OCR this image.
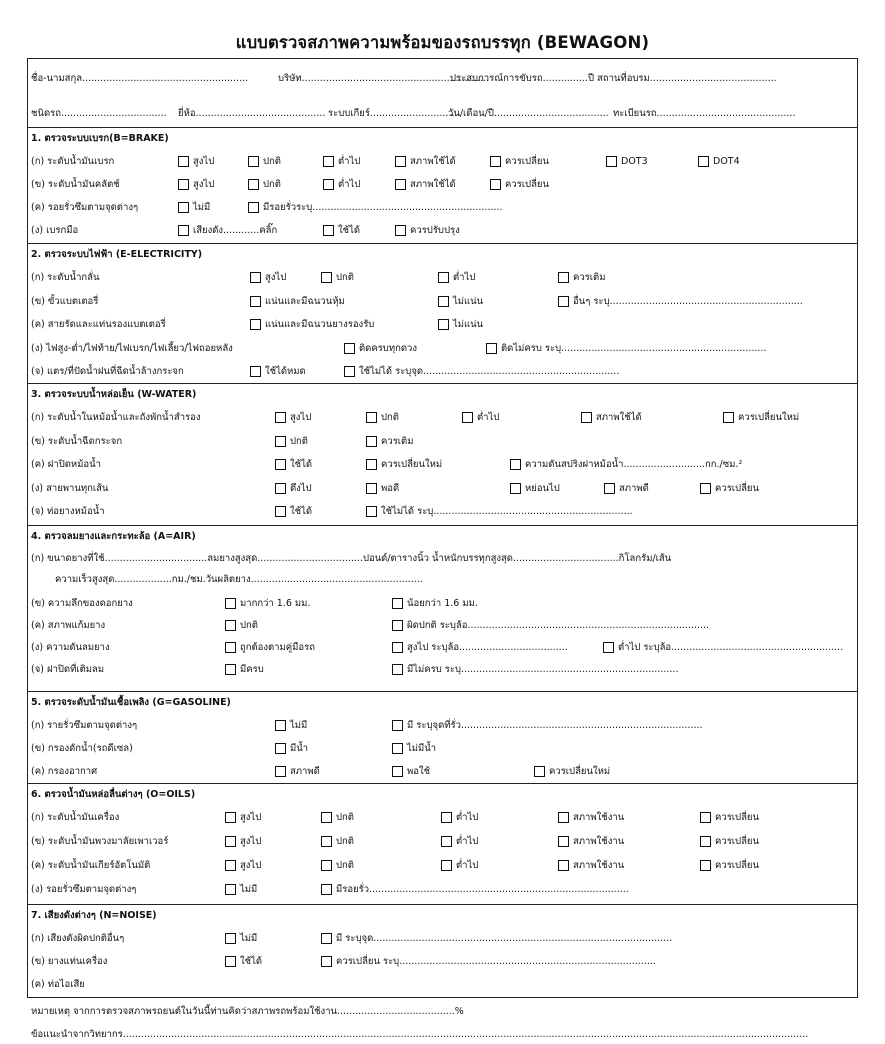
แบบตรวจสภาพความพร้อมของรถบรรทุก (BEWAGON)
ชื่อ-นามสกุล.......................................................	บริษัท..............................................................
ประสบการณ์การขับรถ............... ปี สถานที่อบรม..........................................
ชนิดรถ................................... ยี่ห้อ........................................... ระบบเกียร์..............................
วัน/เดือน/ปี...................................... ทะเบียนรถ..............................................
1. ตรวจระบบเบรก(B=BRAKE)
(ก) ระดับน้ำมันเบรก	สูงไป	ปกติ	ต่ำไป	สภาพใช้ได้	ควรเปลี่ยน	DOT3	DOT4
(ข) ระดับน้ำมันคลัตช์	สูงไป	ปกติ	ต่ำไป	สภาพใช้ได้	ควรเปลี่ยน
(ค) รอยรั่วซึมตามจุดต่างๆ	ไม่มี	มีรอยรั่วระบุ...............................................................
(ง) เบรกมือ	เสียงดัง............คลิ๊ก	ใช้ได้	ควรปรับปรุง
2. ตรวจระบบไฟฟ้า (E-ELECTRICITY)
(ก) ระดับน้ำกลั่น	สูงไป	ปกติ	ต่ำไป	ควรเติม
(ข) ขั้วแบตเตอรี่	แน่นและมีฉนวนหุ้ม	ไม่แน่น	อื่นๆ ระบุ................................................................
(ค) สายรัดและแท่นรองแบตเตอรี่	แน่นและมีฉนวนยางรองรับ	ไม่แน่น
(ง) ไฟสูง-ต่ำ/ไฟท้าย/ไฟเบรก/ไฟเลี้ยว/ไฟถอยหลัง	ติดครบทุกดวง	ติดไม่ครบ ระบุ....................................................................
(จ) แตร/ที่ปัดน้ำฝนที่ฉีดน้ำล้างกระจก	ใช้ได้หมด	ใช้ไม่ได้ ระบุจุด.................................................................
3. ตรวจระบบน้ำหล่อเย็น (W-WATER)
(ก) ระดับน้ำในหม้อน้ำและถังพักน้ำสำรอง	สูงไป	ปกติ	ต่ำไป	สภาพใช้ได้	ควรเปลี่ยนใหม่
(ข) ระดับน้ำฉีดกระจก	ปกติ	ควรเติม
(ค) ฝาปิดหม้อน้ำ	ใช้ได้	ควรเปลี่ยนใหม่	ความดันสปริงฝาหม้อน้ำ...........................กก./ซม.²
(ง) สายพานทุกเส้น	ตึงไป	พอดี	หย่อนไป	สภาพดี	ควรเปลี่ยน
(จ) ท่อยางหม้อน้ำ	ใช้ได้	ใช้ไม่ได้ ระบุ..................................................................
4. ตรวจลมยางและกระทะล้อ (A=AIR)
(ก) ขนาดยางที่ใช้..................................ลมยางสูงสุด...................................ปอนด์/ตารางนิ้ว น้ำหนักบรรทุกสูงสุด...................................กิโลกรัม/เส้น
ความเร็วสูงสุด...................กม./ชม.วันผลิตยาง.........................................................
(ข) ความลึกของดอกยาง	มากกว่า 1.6 มม.	น้อยกว่า 1.6 มม.
(ค) สภาพแก้มยาง	ปกติ	ผิดปกติ ระบุล้อ................................................................................
(ง) ความดันลมยาง	ถูกต้องตามคู่มือรถ	สูงไป ระบุล้อ....................................	ต่ำไป ระบุล้อ.........................................................
(จ) ฝาปิดที่เติมลม	มีครบ	มีไม่ครบ ระบุ........................................................................
5. ตรวจระดับน้ำมันเชื้อเพลิง (G=GASOLINE)
(ก) รายรั่วซึมตามจุดต่างๆ	ไม่มี	มี ระบุจุดที่รั่ว................................................................................
(ข) กรองดักน้ำ(รถดีเซล)	มีน้ำ	ไม่มีน้ำ
(ค) กรองอากาศ	สภาพดี	พอใช้	ควรเปลี่ยนใหม่
6. ตรวจน้ำมันหล่อลื่นต่างๆ (O=OILS)
(ก) ระดับน้ำมันเครื่อง	สูงไป	ปกติ	ต่ำไป	สภาพใช้งาน	ควรเปลี่ยน
(ข) ระดับน้ำมันพวงมาลัยเพาเวอร์	สูงไป	ปกติ	ต่ำไป	สภาพใช้งาน	ควรเปลี่ยน
(ค) ระดับน้ำมันเกียร์อัตโนมัติ	สูงไป	ปกติ	ต่ำไป	สภาพใช้งาน	ควรเปลี่ยน
(ง) รอยรั่วซึมตามจุดต่างๆ	ไม่มี	มีรอยรั่ว......................................................................................
7. เสียงดังต่างๆ (N=NOISE)
(ก) เสียงดังผิดปกติอื่นๆ	ไม่มี	มี ระบุจุด...................................................................................................
(ข) ยางแท่นเครื่อง	ใช้ได้	ควรเปลี่ยน ระบุ.....................................................................................
(ค) ท่อไอเสีย
หมายเหตุ จากการตรวจสภาพรถยนต์ในวันนี้ท่านคิดว่าสภาพรถพร้อมใช้งาน.......................................%
ข้อแนะนำจากวิทยากร...................................................................................................................................................................................................................................
